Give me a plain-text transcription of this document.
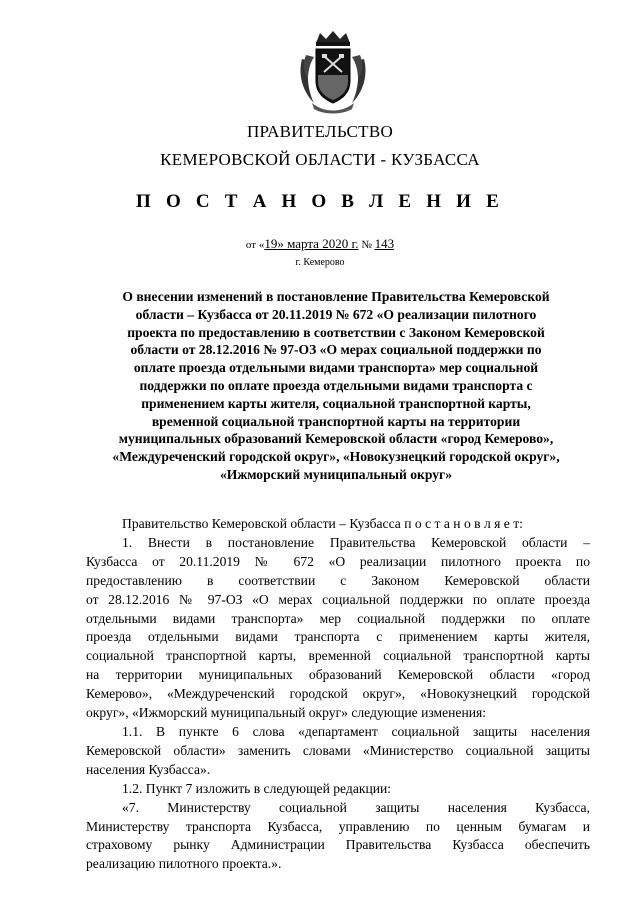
ПРАВИТЕЛЬСТВО
КЕМЕРОВСКОЙ ОБЛАСТИ - КУЗБАССА
П О С Т А Н О В Л Е Н И Е
от «19» марта 2020 г. № 143
г. Кемерово
О внесении изменений в постановление Правительства Кемеровской
области – Кузбасса от 20.11.2019 № 672 «О реализации пилотного
проекта по предоставлению в соответствии с Законом Кемеровской
области от 28.12.2016 № 97-ОЗ «О мерах социальной поддержки по
оплате проезда отдельными видами транспорта» мер социальной
поддержки по оплате проезда отдельными видами транспорта с
применением карты жителя, социальной транспортной карты,
временной социальной транспортной карты на территории
муниципальных образований Кемеровской области «город Кемерово»,
«Междуреченский городской округ», «Новокузнецкий городской округ»,
«Ижморский муниципальный округ»
Правительство Кемеровской области – Кузбасса п о с т а н о в л я е т:
1. Внести в постановление Правительства Кемеровской области –
Кузбасса от 20.11.2019 № 672 «О реализации пилотного проекта по
предоставлению в соответствии с Законом Кемеровской области
от 28.12.2016 № 97-ОЗ «О мерах социальной поддержки по оплате проезда
отдельными видами транспорта» мер социальной поддержки по оплате
проезда отдельными видами транспорта с применением карты жителя,
социальной транспортной карты, временной социальной транспортной карты
на территории муниципальных образований Кемеровской области «город
Кемерово», «Междуреченский городской округ», «Новокузнецкий городской
округ», «Ижморский муниципальный округ» следующие изменения:
1.1. В пункте 6 слова «департамент социальной защиты населения
Кемеровской области» заменить словами «Министерство социальной защиты
населения Кузбасса».
1.2. Пункт 7 изложить в следующей редакции:
«7. Министерству социальной защиты населения Кузбасса,
Министерству транспорта Кузбасса, управлению по ценным бумагам и
страховому рынку Администрации Правительства Кузбасса обеспечить
реализацию пилотного проекта.».
